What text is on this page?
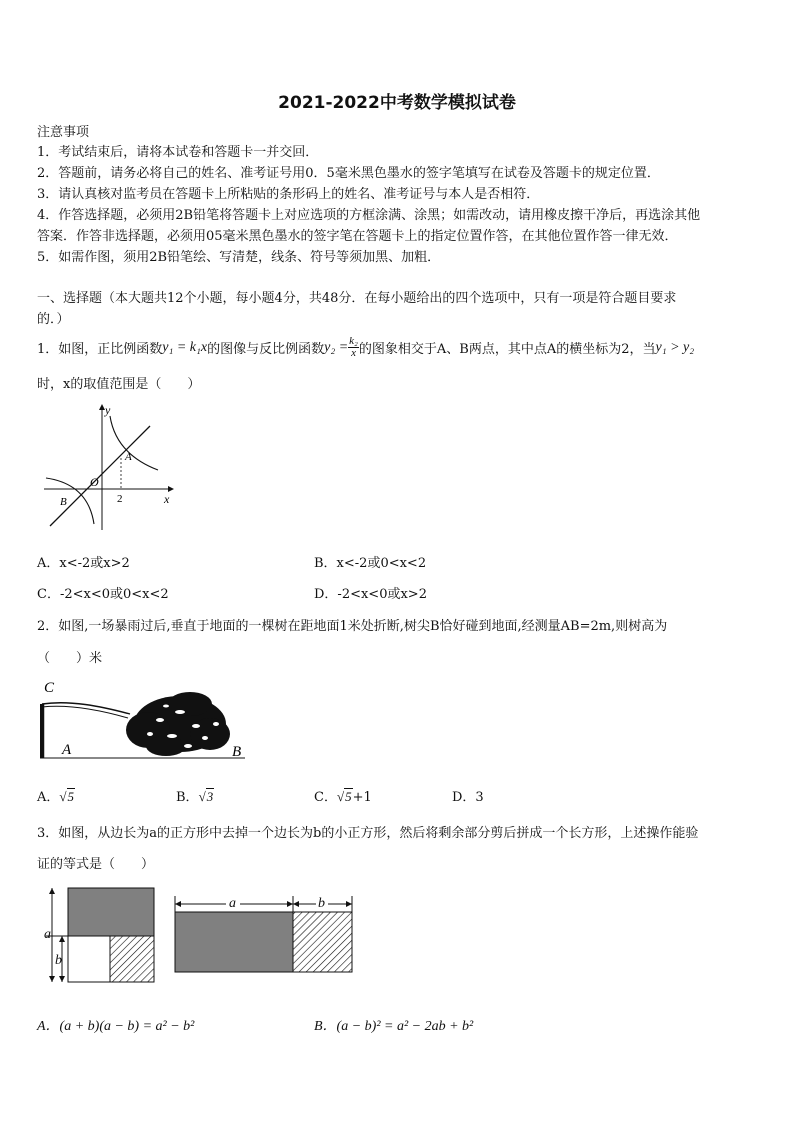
2021-2022中考数学模拟试卷
注意事项
1．考试结束后，请将本试卷和答题卡一并交回．
2．答题前，请务必将自己的姓名、准考证号用0．5毫米黑色墨水的签字笔填写在试卷及答题卡的规定位置．
3．请认真核对监考员在答题卡上所粘贴的条形码上的姓名、准考证号与本人是否相符．
4．作答选择题，必须用2B铅笔将答题卡上对应选项的方框涂满、涂黑；如需改动，请用橡皮擦干净后，再选涂其他
答案．作答非选择题，必须用05毫米黑色墨水的签字笔在答题卡上的指定位置作答，在其他位置作答一律无效．
5．如需作图，须用2B铅笔绘、写清楚，线条、符号等须加黑、加粗．
一、选择题（本大题共12个小题，每小题4分，共48分．在每小题给出的四个选项中，只有一项是符合题目要求
的．）
1．如图，正比例函数 y₁ = k₁x 的图像与反比例函数 $y_2 = \frac{\text{k₂}}{x}$ 的图象相交于A、B两点，其中点A的横坐标为2，当 y₁ > y₂
时，x的取值范围是（　　）
y
x
O
A
B	2
A．x<-2或x>2	B．x<-2或0<x<2
C．-2<x<0或0<x<2	D．-2<x<0或x>2
2．如图,一场暴雨过后,垂直于地面的一棵树在距地面1米处折断,树尖B恰好碰到地面,经测量AB=2m,则树高为
（　　）米
C
A	B
A．√5	B．√3	C．√5+1	D．3
3．如图，从边长为a的正方形中去掉一个边长为b的小正方形，然后将剩余部分剪后拼成一个长方形，上述操作能验
证的等式是（　　）
a
b
a	b
A．(a + b)(a − b) = a² − b²	B．(a − b)² = a² − 2ab + b²
